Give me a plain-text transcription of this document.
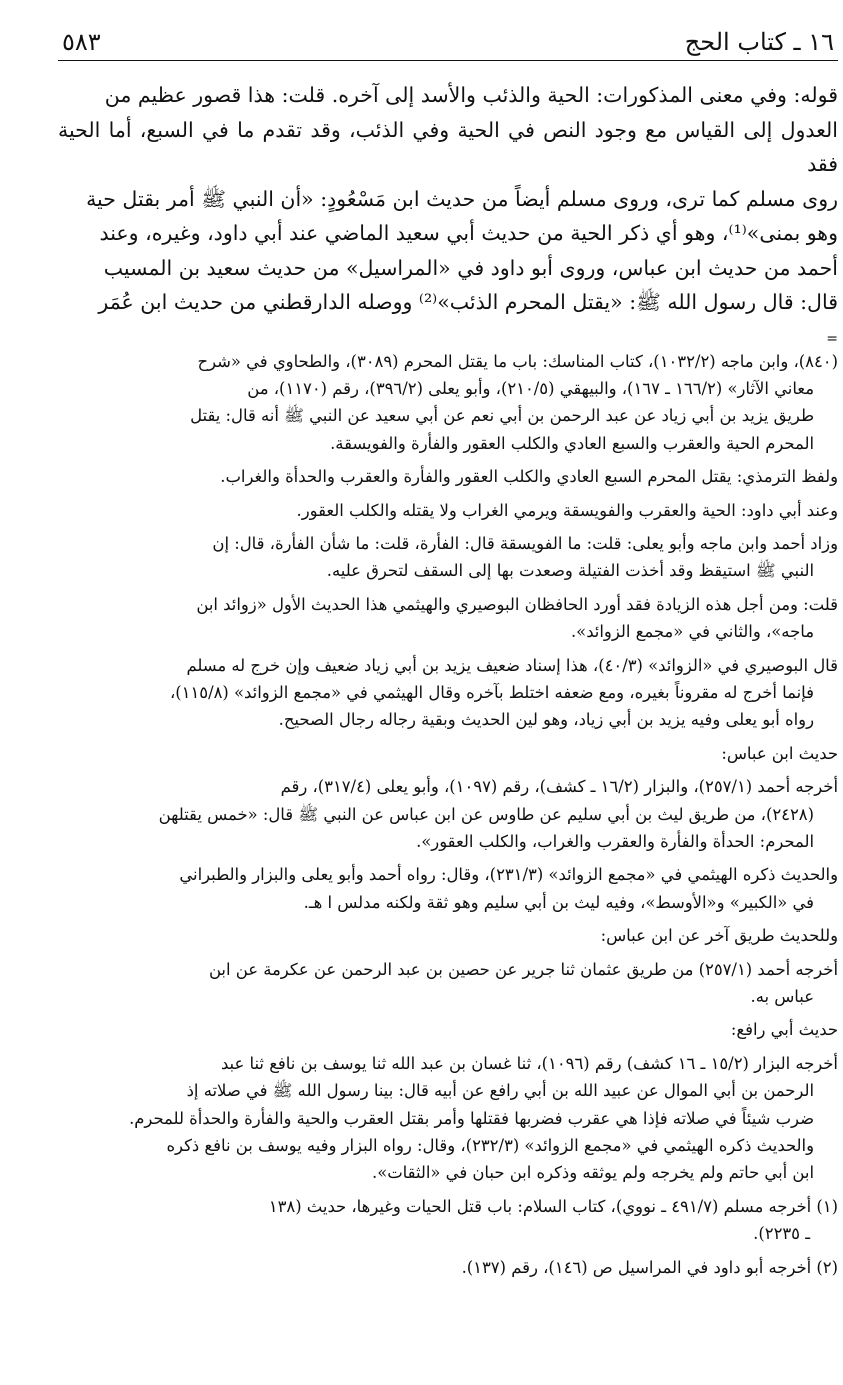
١٦ ـ كتاب الحج
٥٨٣

قوله: وفي معنى المذكورات: الحية والذئب والأسد إلى آخره. قلت: هذا قصور عظيم من

العدول إلى القياس مع وجود النص في الحية وفي الذئب، وقد تقدم ما في السبع، أما الحية فقد

روى مسلم كما ترى، وروى مسلم أيضاً من حديث ابن مَسْعُودٍ: «أن النبي ﷺ أمر بقتل حية

وهو بمنى»⁽¹⁾، وهو أي ذكر الحية من حديث أبي سعيد الماضي عند أبي داود، وغيره، وعند

أحمد من حديث ابن عباس، وروى أبو داود في «المراسيل» من حديث سعيد بن المسيب

قال: قال رسول الله ﷺ: «يقتل المحرم الذئب»⁽²⁾ ووصله الدارقطني من حديث ابن عُمَر

=

(٨٤٠)، وابن ماجه (١٠٣٢/٢)، كتاب المناسك: باب ما يقتل المحرم (٣٠٨٩)، والطحاوي في «شرح

معاني الآثار» (١٦٦/٢ ـ ١٦٧)، والبيهقي (٢١٠/٥)، وأبو يعلى (٣٩٦/٢)، رقم (١١٧٠)، من

طريق يزيد بن أبي زياد عن عبد الرحمن بن أبي نعم عن أبي سعيد عن النبي ﷺ أنه قال: يقتل

المحرم الحية والعقرب والسبع العادي والكلب العقور والفأرة والفويسقة.

ولفظ الترمذي: يقتل المحرم السبع العادي والكلب العقور والفأرة والعقرب والحدأة والغراب.

وعند أبي داود: الحية والعقرب والفويسقة ويرمي الغراب ولا يقتله والكلب العقور.

وزاد أحمد وابن ماجه وأبو يعلى: قلت: ما الفويسقة قال: الفأرة، قلت: ما شأن الفأرة، قال: إن

النبي ﷺ استيقظ وقد أخذت الفتيلة وصعدت بها إلى السقف لتحرق عليه.

قلت: ومن أجل هذه الزيادة فقد أورد الحافظان البوصيري والهيثمي هذا الحديث الأول «زوائد ابن

ماجه»، والثاني في «مجمع الزوائد».

قال البوصيري في «الزوائد» (٤٠/٣)، هذا إسناد ضعيف يزيد بن أبي زياد ضعيف وإن خرج له مسلم

فإنما أخرج له مقروناً بغيره، ومع ضعفه اختلط بآخره وقال الهيثمي في «مجمع الزوائد» (١١٥/٨)،

رواه أبو يعلى وفيه يزيد بن أبي زياد، وهو لين الحديث وبقية رجاله رجال الصحيح.

حديث ابن عباس:

أخرجه أحمد (٢٥٧/١)، والبزار (١٦/٢ ـ كشف)، رقم (١٠٩٧)، وأبو يعلى (٣١٧/٤)، رقم

(٢٤٢٨)، من طريق ليث بن أبي سليم عن طاوس عن ابن عباس عن النبي ﷺ قال: «خمس يقتلهن

المحرم: الحدأة والفأرة والعقرب والغراب، والكلب العقور».

والحديث ذكره الهيثمي في «مجمع الزوائد» (٢٣١/٣)، وقال: رواه أحمد وأبو يعلى والبزار والطبراني

في «الكبير» و«الأوسط»، وفيه ليث بن أبي سليم وهو ثقة ولكنه مدلس ا هـ.

وللحديث طريق آخر عن ابن عباس:

أخرجه أحمد (٢٥٧/١) من طريق عثمان ثنا جرير عن حصين بن عبد الرحمن عن عكرمة عن ابن

عباس به.

حديث أبي رافع:

أخرجه البزار (١٥/٢ ـ ١٦ كشف) رقم (١٠٩٦)، ثنا غسان بن عبد الله ثنا يوسف بن نافع ثنا عبد

الرحمن بن أبي الموال عن عبيد الله بن أبي رافع عن أبيه قال: بينا رسول الله ﷺ في صلاته إذ

ضرب شيئاً في صلاته فإذا هي عقرب فضربها فقتلها وأمر بقتل العقرب والحية والفأرة والحدأة للمحرم.

والحديث ذكره الهيثمي في «مجمع الزوائد» (٢٣٢/٣)، وقال: رواه البزار وفيه يوسف بن نافع ذكره

ابن أبي حاتم ولم يخرجه ولم يوثقه وذكره ابن حبان في «الثقات».

(١) أخرجه مسلم (٤٩١/٧ ـ نووي)، كتاب السلام: باب قتل الحيات وغيرها، حديث (١٣٨

ـ ٢٢٣٥).

(٢) أخرجه أبو داود في المراسيل ص (١٤٦)، رقم (١٣٧).
